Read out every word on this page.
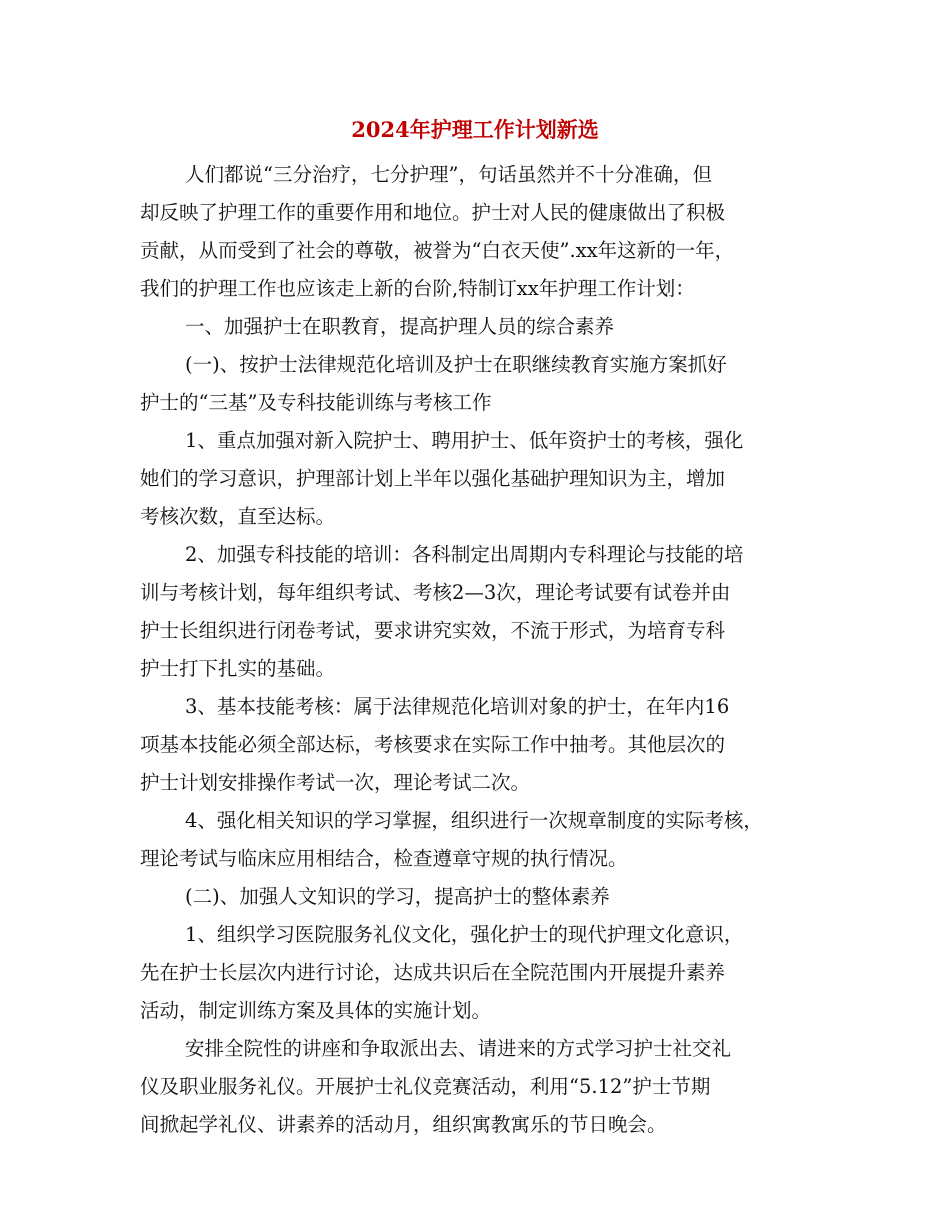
2024年护理工作计划新选
人们都说“三分治疗，七分护理”，句话虽然并不十分准确，但
却反映了护理工作的重要作用和地位。护士对人民的健康做出了积极
贡献，从而受到了社会的尊敬，被誉为“白衣天使”.xx年这新的一年，
我们的护理工作也应该走上新的台阶,特制订xx年护理工作计划：
一、加强护士在职教育，提高护理人员的综合素养
(一)、按护士法律规范化培训及护士在职继续教育实施方案抓好
护士的“三基”及专科技能训练与考核工作
1、重点加强对新入院护士、聘用护士、低年资护士的考核，强化
她们的学习意识，护理部计划上半年以强化基础护理知识为主，增加
考核次数，直至达标。
2、加强专科技能的培训：各科制定出周期内专科理论与技能的培
训与考核计划，每年组织考试、考核2—3次，理论考试要有试卷并由
护士长组织进行闭卷考试，要求讲究实效，不流于形式，为培育专科
护士打下扎实的基础。
3、基本技能考核：属于法律规范化培训对象的护士，在年内16
项基本技能必须全部达标，考核要求在实际工作中抽考。其他层次的
护士计划安排操作考试一次，理论考试二次。
4、强化相关知识的学习掌握，组织进行一次规章制度的实际考核，
理论考试与临床应用相结合，检查遵章守规的执行情况。
(二)、加强人文知识的学习，提高护士的整体素养
1、组织学习医院服务礼仪文化，强化护士的现代护理文化意识，
先在护士长层次内进行讨论，达成共识后在全院范围内开展提升素养
活动，制定训练方案及具体的实施计划。
安排全院性的讲座和争取派出去、请进来的方式学习护士社交礼
仪及职业服务礼仪。开展护士礼仪竞赛活动，利用“5.12”护士节期
间掀起学礼仪、讲素养的活动月，组织寓教寓乐的节日晚会。
